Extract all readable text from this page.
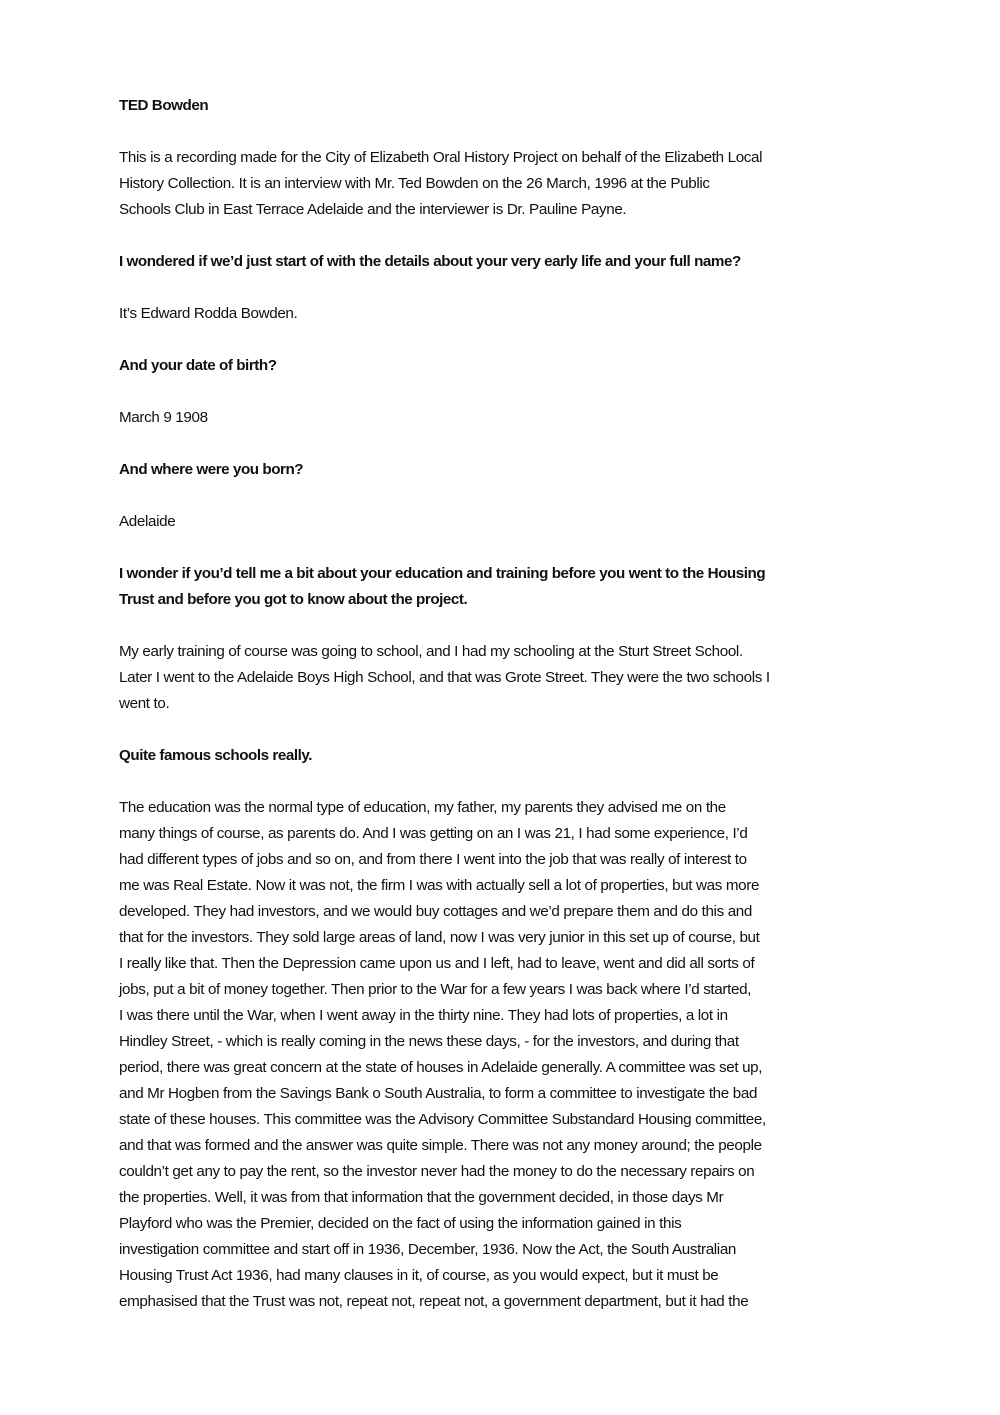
TED Bowden
This is a recording made for the City of Elizabeth Oral History Project on behalf of the Elizabeth Local
History Collection. It is an interview with Mr. Ted Bowden on the 26 March, 1996 at the Public
Schools Club in East Terrace Adelaide and the interviewer is Dr. Pauline Payne.
I wondered if we’d just start of with the details about your very early life and your full name?
It’s Edward Rodda Bowden.
And your date of birth?
March 9 1908
And where were you born?
Adelaide
I wonder if you’d tell me a bit about your education and training before you went to the Housing
Trust and before you got to know about the project.
My early training of course was going to school, and I had my schooling at the Sturt Street School.
Later I went to the Adelaide Boys High School, and that was Grote Street. They were the two schools I
went to.
Quite famous schools really.
The education was the normal type of education, my father, my parents they advised me on the
many things of course, as parents do. And I was getting on an I was 21, I had some experience, I’d
had different types of jobs and so on, and from there I went into the job that was really of interest to
me was Real Estate. Now it was not, the firm I was with actually sell a lot of properties, but was more
developed. They had investors, and we would buy cottages and we’d prepare them and do this and
that for the investors. They sold large areas of land, now I was very junior in this set up of course, but
I really like that. Then the Depression came upon us and I left, had to leave, went and did all sorts of
jobs, put a bit of money together. Then prior to the War for a few years I was back where I’d started,
I was there until the War, when I went away in the thirty nine. They had lots of properties, a lot in
Hindley Street, - which is really coming in the news these days, - for the investors, and during that
period, there was great concern at the state of houses in Adelaide generally. A committee was set up,
and Mr Hogben from the Savings Bank o South Australia, to form a committee to investigate the bad
state of these houses. This committee was the Advisory Committee Substandard Housing committee,
and that was formed and the answer was quite simple. There was not any money around; the people
couldn’t get any to pay the rent, so the investor never had the money to do the necessary repairs on
the properties. Well, it was from that information that the government decided, in those days Mr
Playford who was the Premier, decided on the fact of using the information gained in this
investigation committee and start off in 1936, December, 1936. Now the Act, the South Australian
Housing Trust Act 1936, had many clauses in it, of course, as you would expect, but it must be
emphasised that the Trust was not, repeat not, repeat not, a government department, but it had the
